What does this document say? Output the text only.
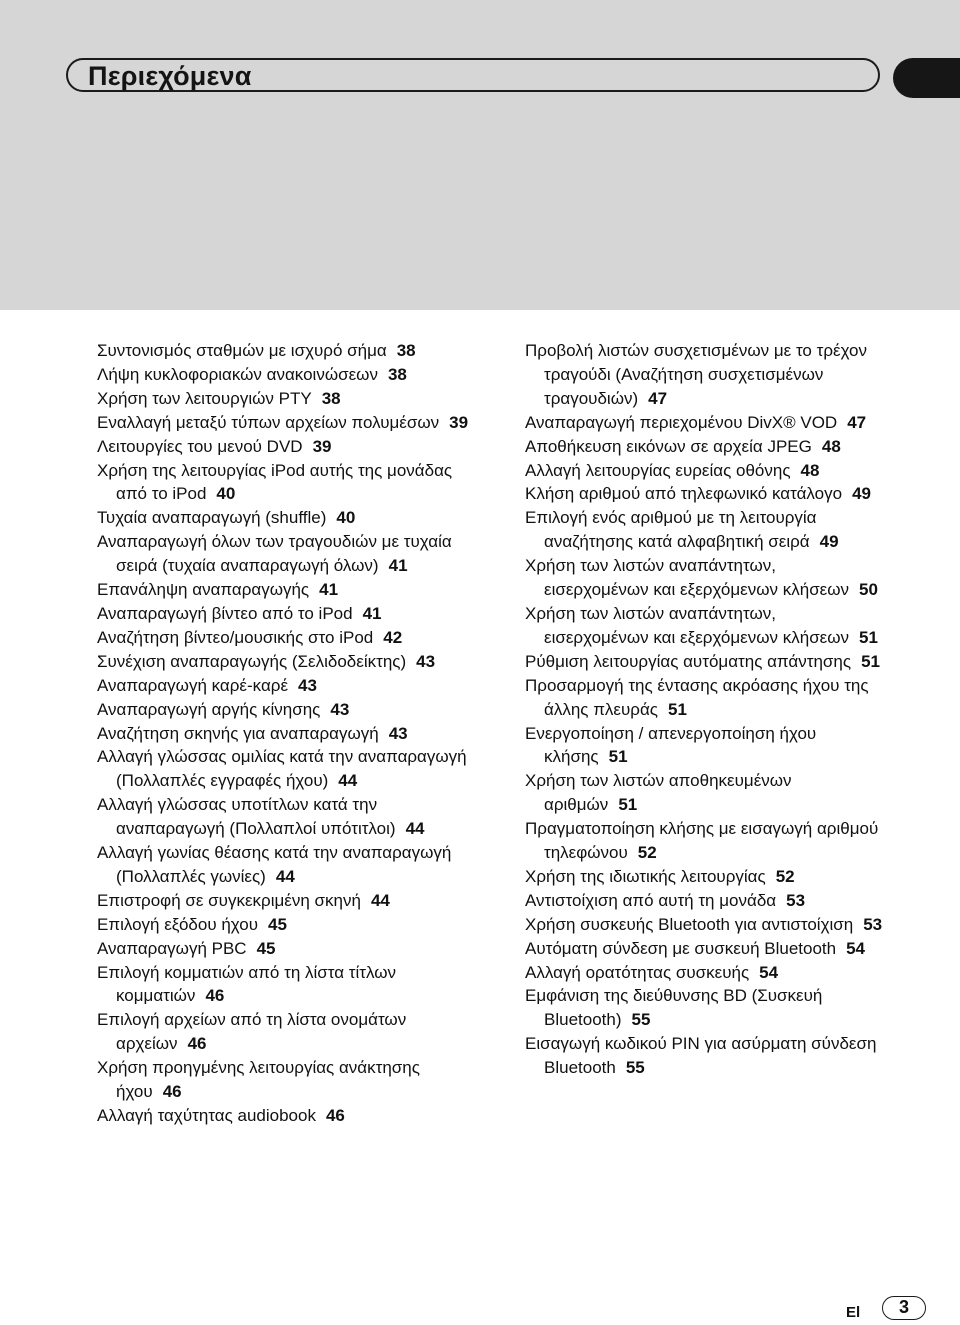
Περιεχόμενα
Συντονισμός σταθμών με ισχυρό σήμα 38
Λήψη κυκλοφοριακών ανακοινώσεων 38
Χρήση των λειτουργιών PTY 38
Εναλλαγή μεταξύ τύπων αρχείων πολυμέσων 39
Λειτουργίες του μενού DVD 39
Χρήση της λειτουργίας iPod αυτής της μονάδας από το iPod 40
Τυχαία αναπαραγωγή (shuffle) 40
Αναπαραγωγή όλων των τραγουδιών με τυχαία σειρά (τυχαία αναπαραγωγή όλων) 41
Επανάληψη αναπαραγωγής 41
Αναπαραγωγή βίντεο από το iPod 41
Αναζήτηση βίντεο/μουσικής στο iPod 42
Συνέχιση αναπαραγωγής (Σελιδοδείκτης) 43
Αναπαραγωγή καρέ-καρέ 43
Αναπαραγωγή αργής κίνησης 43
Αναζήτηση σκηνής για αναπαραγωγή 43
Αλλαγή γλώσσας ομιλίας κατά την αναπαραγωγή (Πολλαπλές εγγραφές ήχου) 44
Αλλαγή γλώσσας υποτίτλων κατά την αναπαραγωγή (Πολλαπλοί υπότιτλοι) 44
Αλλαγή γωνίας θέασης κατά την αναπαραγωγή (Πολλαπλές γωνίες) 44
Επιστροφή σε συγκεκριμένη σκηνή 44
Επιλογή εξόδου ήχου 45
Αναπαραγωγή PBC 45
Επιλογή κομματιών από τη λίστα τίτλων κομματιών 46
Επιλογή αρχείων από τη λίστα ονομάτων αρχείων 46
Χρήση προηγμένης λειτουργίας ανάκτησης ήχου 46
Αλλαγή ταχύτητας audiobook 46
Προβολή λιστών συσχετισμένων με το τρέχον τραγούδι (Αναζήτηση συσχετισμένων τραγουδιών) 47
Αναπαραγωγή περιεχομένου DivX® VOD 47
Αποθήκευση εικόνων σε αρχεία JPEG 48
Αλλαγή λειτουργίας ευρείας οθόνης 48
Κλήση αριθμού από τηλεφωνικό κατάλογο 49
Επιλογή ενός αριθμού με τη λειτουργία αναζήτησης κατά αλφαβητική σειρά 49
Χρήση των λιστών αναπάντητων, εισερχομένων και εξερχόμενων κλήσεων 50
Χρήση των λιστών αναπάντητων, εισερχομένων και εξερχόμενων κλήσεων 51
Ρύθμιση λειτουργίας αυτόματης απάντησης 51
Προσαρμογή της έντασης ακρόασης ήχου της άλλης πλευράς 51
Ενεργοποίηση / απενεργοποίηση ήχου κλήσης 51
Χρήση των λιστών αποθηκευμένων αριθμών 51
Πραγματοποίηση κλήσης με εισαγωγή αριθμού τηλεφώνου 52
Χρήση της ιδιωτικής λειτουργίας 52
Αντιστοίχιση από αυτή τη μονάδα 53
Χρήση συσκευής Bluetooth για αντιστοίχιση 53
Αυτόματη σύνδεση με συσκευή Bluetooth 54
Αλλαγή ορατότητας συσκευής 54
Εμφάνιση της διεύθυνσης BD (Συσκευή Bluetooth) 55
Εισαγωγή κωδικού PIN για ασύρματη σύνδεση Bluetooth 55
El	3
